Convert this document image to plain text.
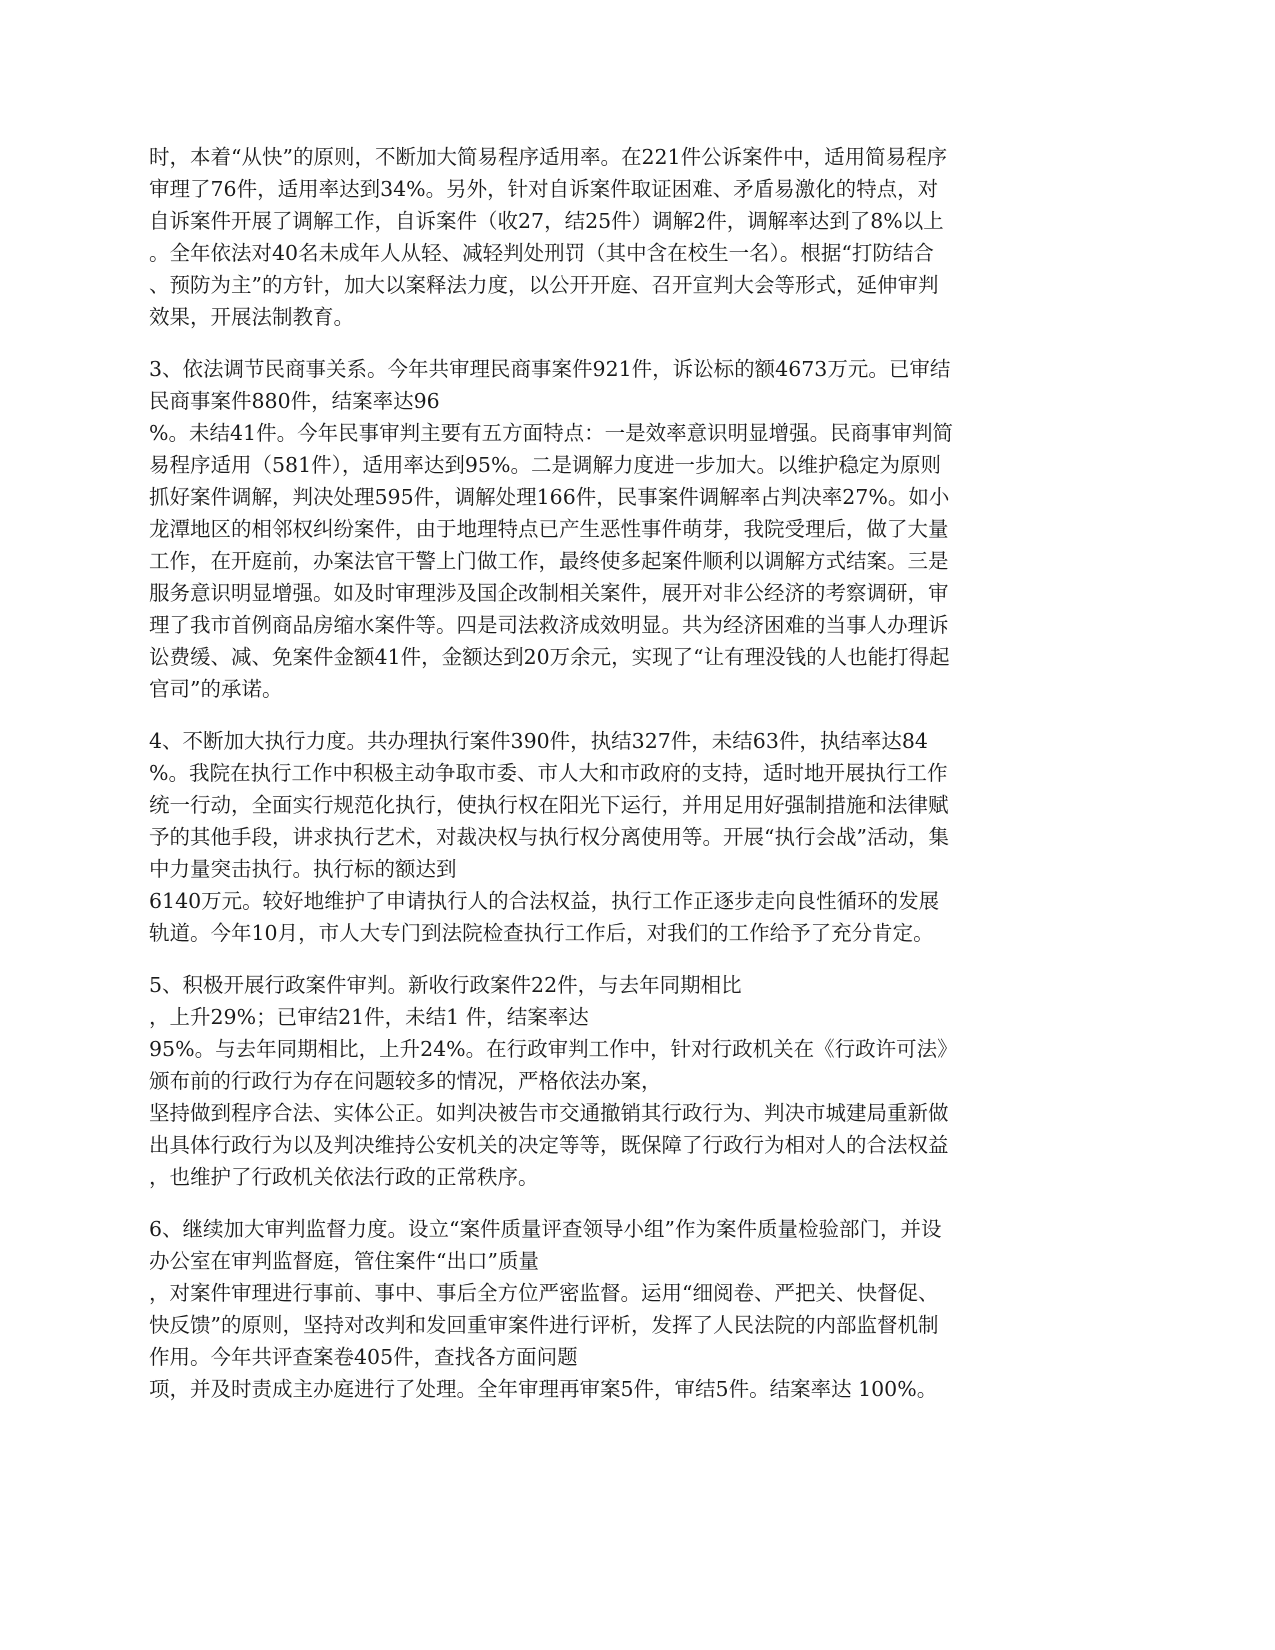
时，本着“从快”的原则，不断加大简易程序适用率。在221件公诉案件中，适用简易程序
审理了76件，适用率达到34%。另外，针对自诉案件取证困难、矛盾易激化的特点，对
自诉案件开展了调解工作，自诉案件（收27，结25件）调解2件，调解率达到了8%以上
。全年依法对40名未成年人从轻、减轻判处刑罚（其中含在校生一名）。根据“打防结合
、预防为主”的方针，加大以案释法力度，以公开开庭、召开宣判大会等形式，延伸审判
效果，开展法制教育。
3、依法调节民商事关系。今年共审理民商事案件921件，诉讼标的额4673万元。已审结
民商事案件880件，结案率达96
%。未结41件。今年民事审判主要有五方面特点：一是效率意识明显增强。民商事审判简
易程序适用（581件），适用率达到95%。二是调解力度进一步加大。以维护稳定为原则
抓好案件调解，判决处理595件，调解处理166件，民事案件调解率占判决率27%。如小
龙潭地区的相邻权纠纷案件，由于地理特点已产生恶性事件萌芽，我院受理后，做了大量
工作，在开庭前，办案法官干警上门做工作，最终使多起案件顺利以调解方式结案。三是
服务意识明显增强。如及时审理涉及国企改制相关案件，展开对非公经济的考察调研，审
理了我市首例商品房缩水案件等。四是司法救济成效明显。共为经济困难的当事人办理诉
讼费缓、减、免案件金额41件，金额达到20万余元，实现了“让有理没钱的人也能打得起
官司”的承诺。
4、不断加大执行力度。共办理执行案件390件，执结327件，未结63件，执结率达84
%。我院在执行工作中积极主动争取市委、市人大和市政府的支持，适时地开展执行工作
统一行动，全面实行规范化执行，使执行权在阳光下运行，并用足用好强制措施和法律赋
予的其他手段，讲求执行艺术，对裁决权与执行权分离使用等。开展“执行会战”活动，集
中力量突击执行。执行标的额达到
6140万元。较好地维护了申请执行人的合法权益，执行工作正逐步走向良性循环的发展
轨道。今年10月，市人大专门到法院检查执行工作后，对我们的工作给予了充分肯定。
5、积极开展行政案件审判。新收行政案件22件，与去年同期相比
，上升29%；已审结21件，未结1 件，结案率达
95%。与去年同期相比，上升24%。在行政审判工作中，针对行政机关在《行政许可法》
颁布前的行政行为存在问题较多的情况，严格依法办案，
坚持做到程序合法、实体公正。如判决被告市交通撤销其行政行为、判决市城建局重新做
出具体行政行为以及判决维持公安机关的决定等等，既保障了行政行为相对人的合法权益
，也维护了行政机关依法行政的正常秩序。
6、继续加大审判监督力度。设立“案件质量评查领导小组”作为案件质量检验部门，并设
办公室在审判监督庭，管住案件“出口”质量
，对案件审理进行事前、事中、事后全方位严密监督。运用“细阅卷、严把关、快督促、
快反馈”的原则，坚持对改判和发回重审案件进行评析，发挥了人民法院的内部监督机制
作用。今年共评查案卷405件，查找各方面问题
项，并及时责成主办庭进行了处理。全年审理再审案5件，审结5件。结案率达 100%。
